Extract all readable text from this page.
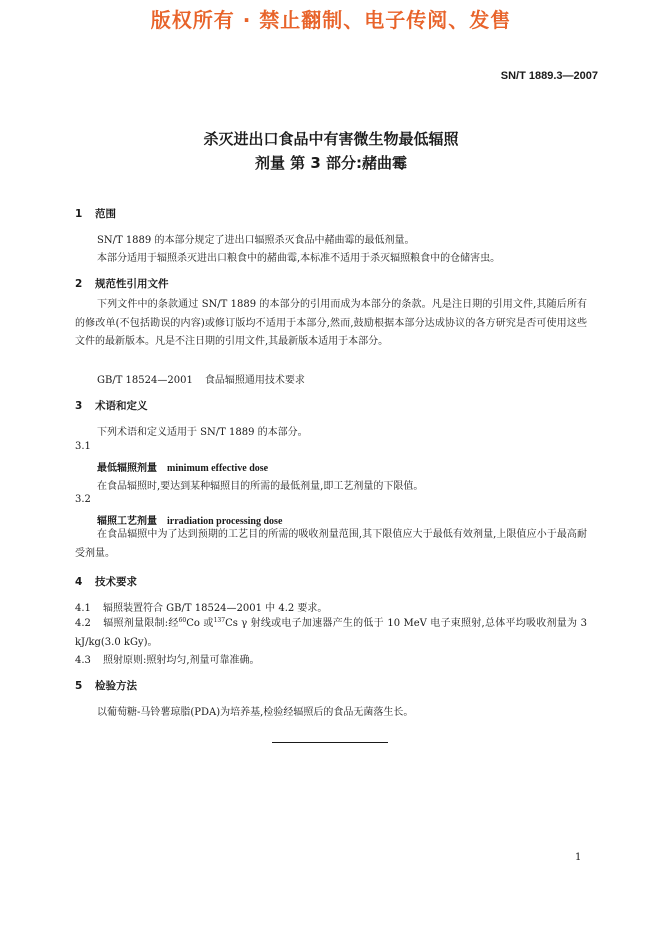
版权所有 · 禁止翻制、电子传阅、发售
SN/T 1889.3—2007
杀灭进出口食品中有害微生物最低辐照
剂量 第 3 部分:赭曲霉
1 范围
SN/T 1889 的本部分规定了进出口辐照杀灭食品中赭曲霉的最低剂量。
本部分适用于辐照杀灭进出口粮食中的赭曲霉,本标准不适用于杀灭辐照粮食中的仓储害虫。
2 规范性引用文件
下列文件中的条款通过 SN/T 1889 的本部分的引用而成为本部分的条款。凡是注日期的引用文件,其随后所有的修改单(不包括勘误的内容)或修订版均不适用于本部分,然而,鼓励根据本部分达成协议的各方研究是否可使用这些文件的最新版本。凡是不注日期的引用文件,其最新版本适用于本部分。
GB/T 18524—2001 食品辐照通用技术要求
3 术语和定义
下列术语和定义适用于 SN/T 1889 的本部分。
3.1
最低辐照剂量 minimum effective dose
在食品辐照时,要达到某种辐照目的所需的最低剂量,即工艺剂量的下限值。
3.2
辐照工艺剂量 irradiation processing dose
在食品辐照中为了达到预期的工艺目的所需的吸收剂量范围,其下限值应大于最低有效剂量,上限值应小于最高耐受剂量。
4 技术要求
4.1 辐照装置符合 GB/T 18524—2001 中 4.2 要求。
4.2 辐照剂量限制:经$^{60}$Co 或$^{137}$Cs γ 射线或电子加速器产生的低于 10 MeV 电子束照射,总体平均吸收剂量为 3 kJ/kg(3.0 kGy)。
4.3 照射原则:照射均匀,剂量可靠准确。
5 检验方法
以葡萄糖-马铃薯琼脂(PDA)为培养基,检验经辐照后的食品无菌落生长。
1
